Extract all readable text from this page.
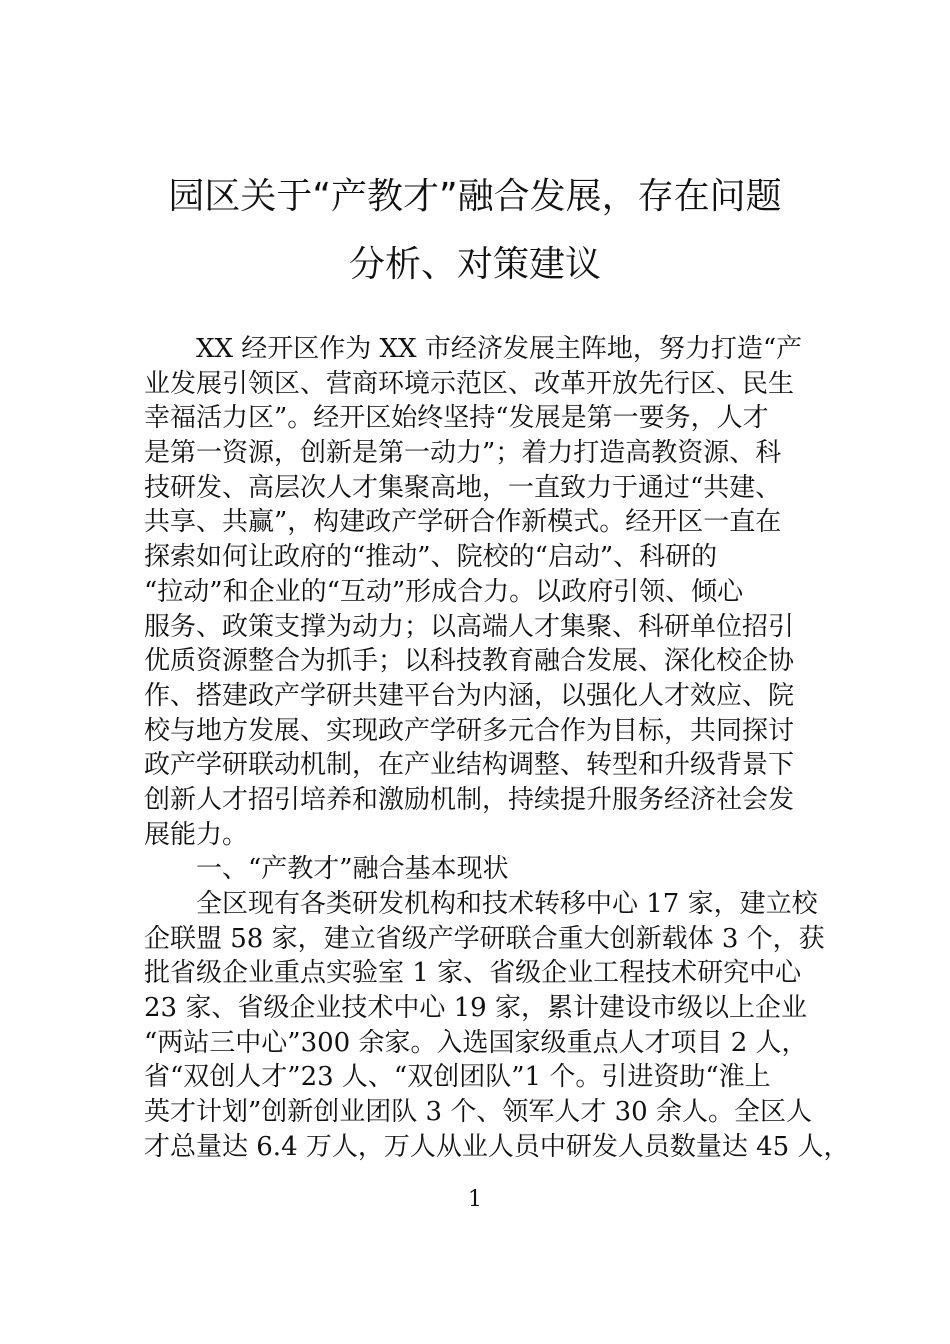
园区关于“产教才”融合发展，存在问题
分析、对策建议
XX 经开区作为 XX 市经济发展主阵地，努力打造“产
业发展引领区、营商环境示范区、改革开放先行区、民生
幸福活力区”。经开区始终坚持“发展是第一要务，人才
是第一资源，创新是第一动力”；着力打造高教资源、科
技研发、高层次人才集聚高地，一直致力于通过“共建、
共享、共赢”，构建政产学研合作新模式。经开区一直在
探索如何让政府的“推动”、院校的“启动”、科研的
“拉动”和企业的“互动”形成合力。以政府引领、倾心
服务、政策支撑为动力；以高端人才集聚、科研单位招引
优质资源整合为抓手；以科技教育融合发展、深化校企协
作、搭建政产学研共建平台为内涵，以强化人才效应、院
校与地方发展、实现政产学研多元合作为目标，共同探讨
政产学研联动机制，在产业结构调整、转型和升级背景下
创新人才招引培养和激励机制，持续提升服务经济社会发
展能力。
一、“产教才”融合基本现状
全区现有各类研发机构和技术转移中心 17 家，建立校
企联盟 58 家，建立省级产学研联合重大创新载体 3 个，获
批省级企业重点实验室 1 家、省级企业工程技术研究中心
23 家、省级企业技术中心 19 家，累计建设市级以上企业
“两站三中心”300 余家。入选国家级重点人才项目 2 人，
省“双创人才”23 人、“双创团队”1 个。引进资助“淮上
英才计划”创新创业团队 3 个、领军人才 30 余人。全区人
才总量达 6.4 万人，万人从业人员中研发人员数量达 45 人，
1
